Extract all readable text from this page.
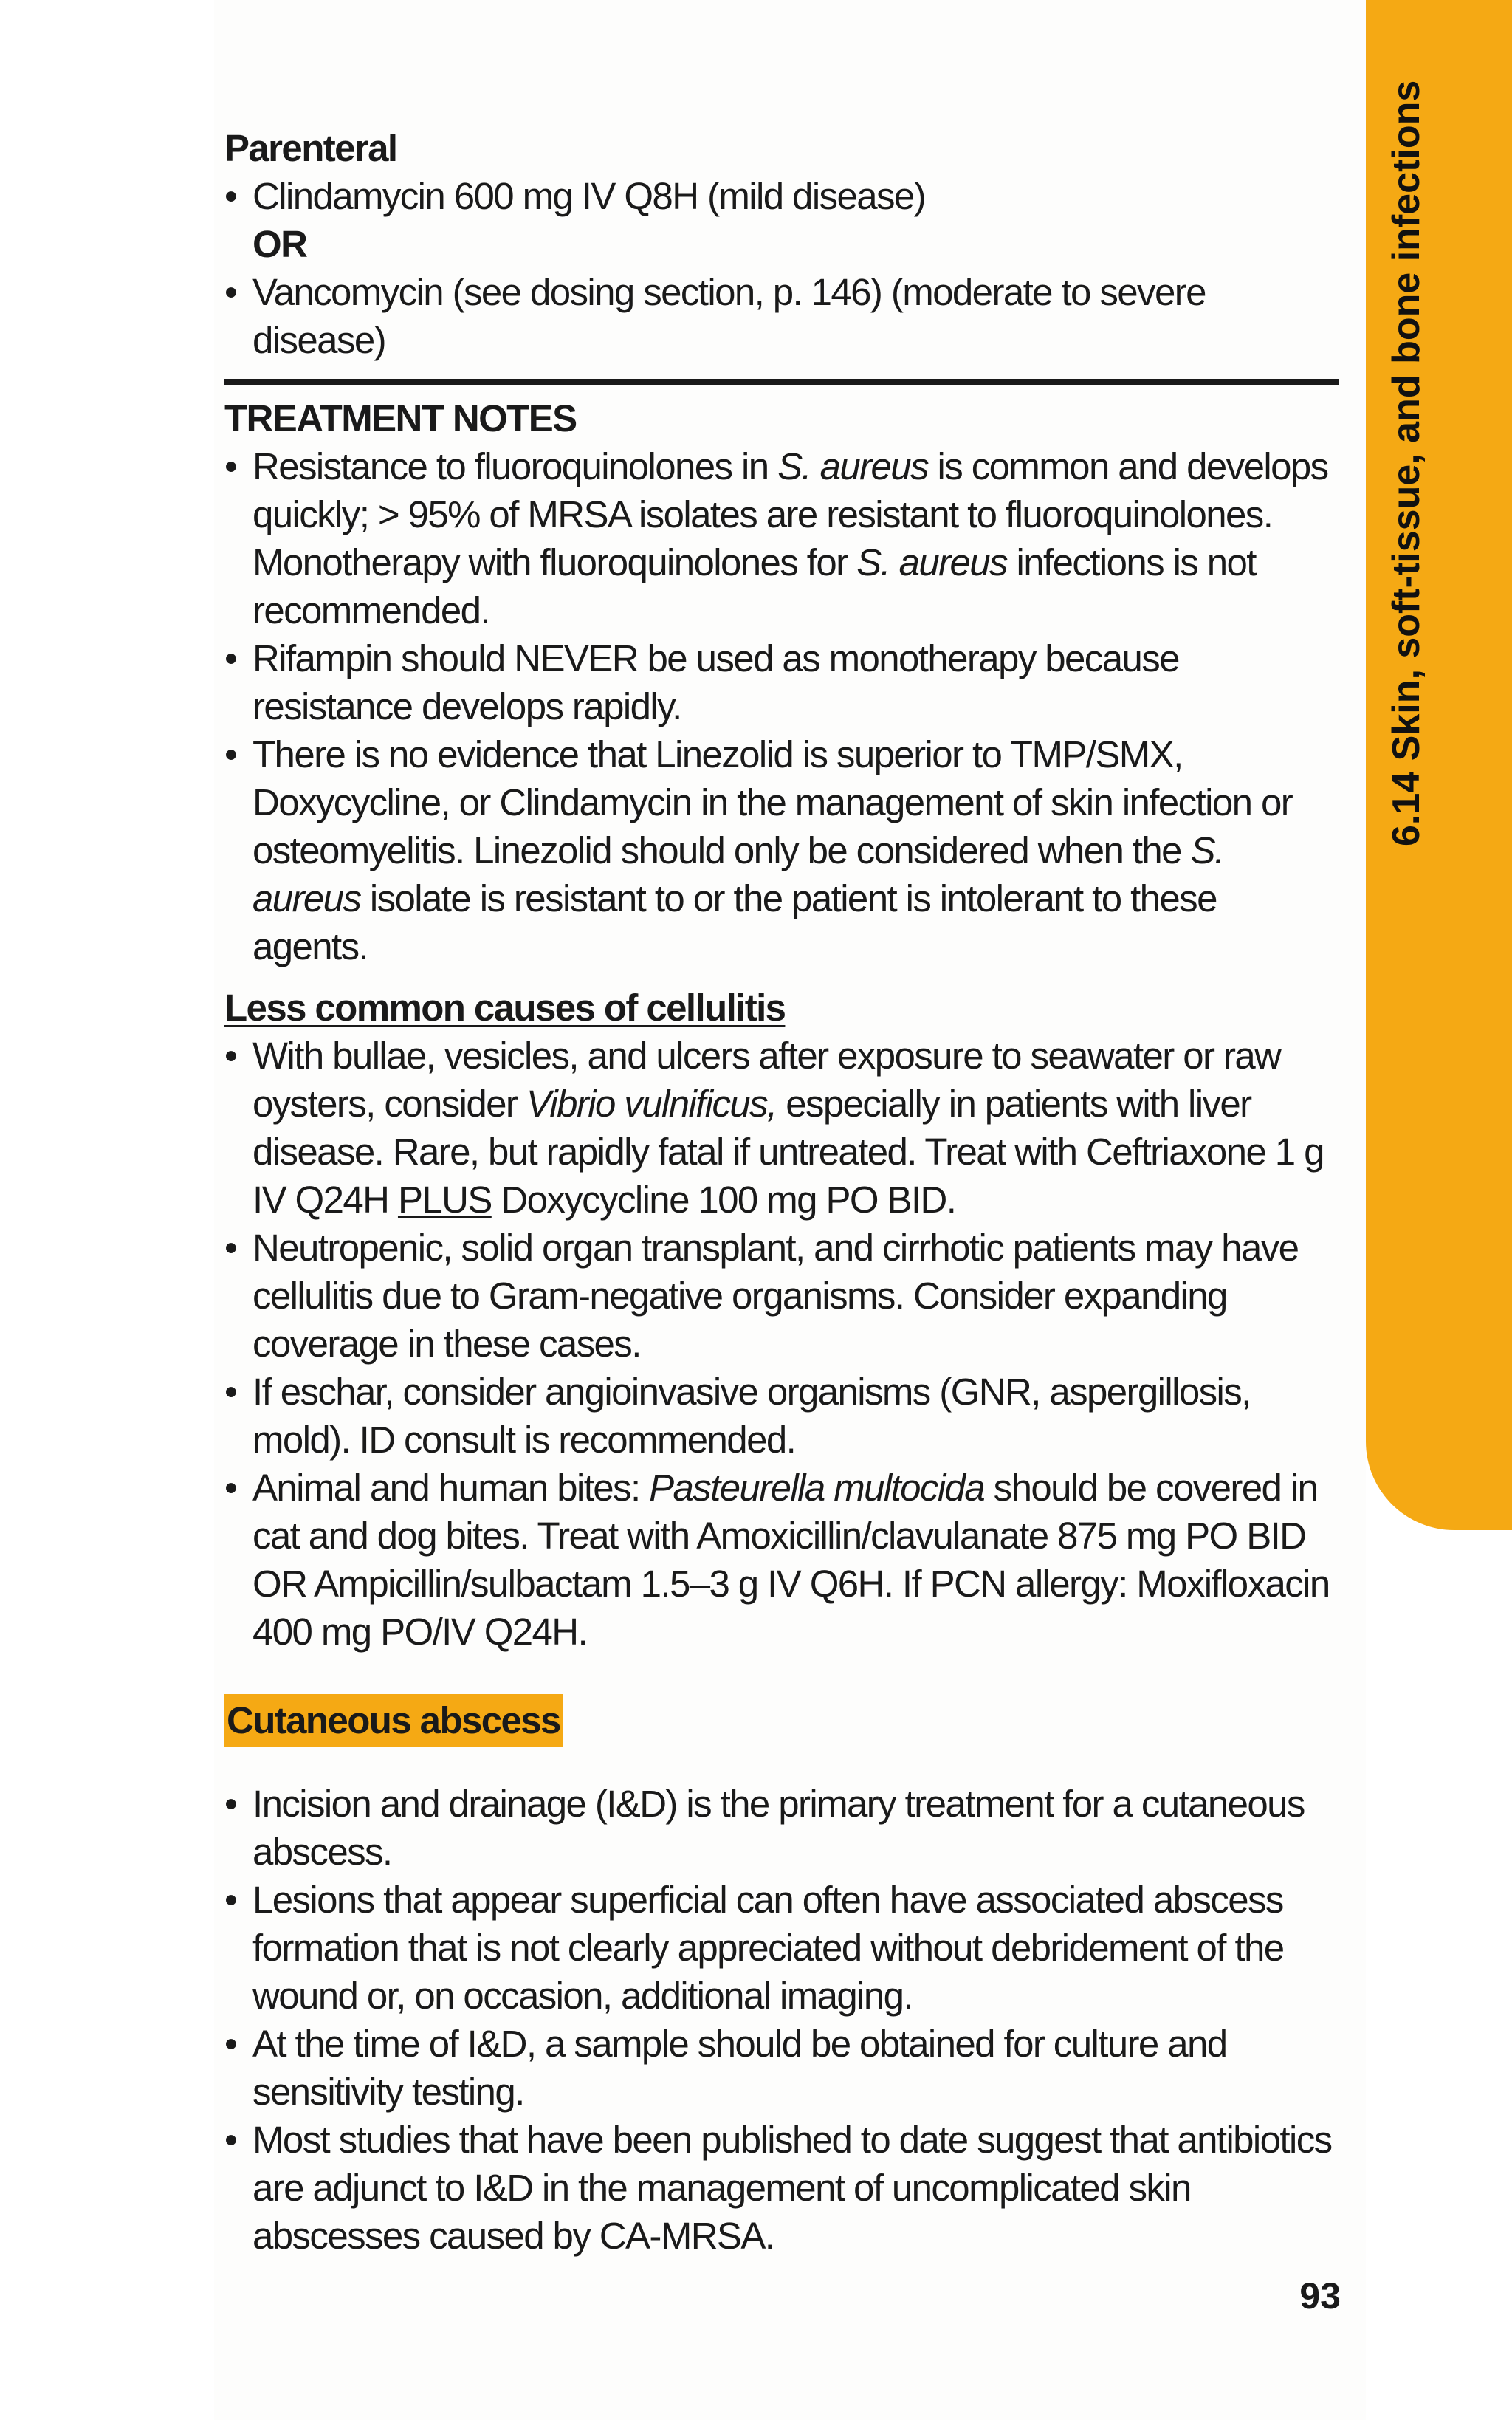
6.14 Skin, soft-tissue, and bone infections

Parenteral

• Clindamycin 600 mg IV Q8H (mild disease)
OR
• Vancomycin (see dosing section, p. 146) (moderate to severe disease)

TREATMENT NOTES

• Resistance to fluoroquinolones in S. aureus is common and develops quickly; > 95% of MRSA isolates are resistant to fluoroquinolones. Monotherapy with fluoroquinolones for S. aureus infections is not recommended.
• Rifampin should NEVER be used as monotherapy because resistance develops rapidly.
• There is no evidence that Linezolid is superior to TMP/SMX, Doxycycline, or Clindamycin in the management of skin infection or osteomyelitis. Linezolid should only be considered when the S. aureus isolate is resistant to or the patient is intolerant to these agents.

Less common causes of cellulitis

• With bullae, vesicles, and ulcers after exposure to seawater or raw oysters, consider Vibrio vulnificus, especially in patients with liver disease. Rare, but rapidly fatal if untreated. Treat with Ceftriaxone 1 g IV Q24H PLUS Doxycycline 100 mg PO BID.
• Neutropenic, solid organ transplant, and cirrhotic patients may have cellulitis due to Gram-negative organisms. Consider expanding coverage in these cases.
• If eschar, consider angioinvasive organisms (GNR, aspergillosis, mold). ID consult is recommended.
• Animal and human bites: Pasteurella multocida should be covered in cat and dog bites. Treat with Amoxicillin/clavulanate 875 mg PO BID OR Ampicillin/sulbactam 1.5–3 g IV Q6H. If PCN allergy: Moxifloxacin 400 mg PO/IV Q24H.
Cutaneous abscess
• Incision and drainage (I&D) is the primary treatment for a cutaneous abscess.
• Lesions that appear superficial can often have associated abscess formation that is not clearly appreciated without debridement of the wound or, on occasion, additional imaging.
• At the time of I&D, a sample should be obtained for culture and sensitivity testing.
• Most studies that have been published to date suggest that antibiotics are adjunct to I&D in the management of uncomplicated skin abscesses caused by CA-MRSA.
93
